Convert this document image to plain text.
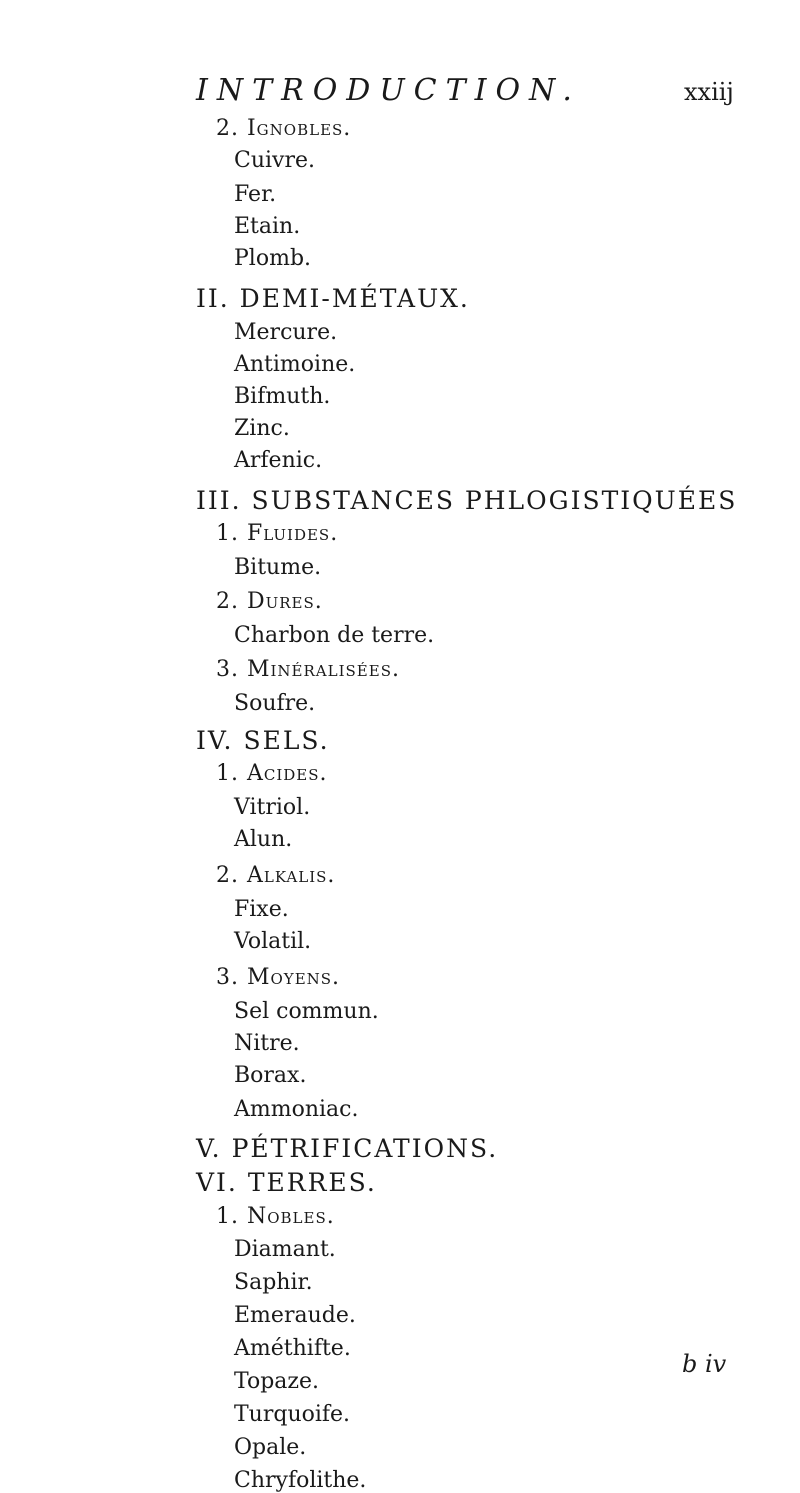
INTRODUCTION.	xxiij
2. Ignobles.
Cuivre.
Fer.
Etain.
Plomb.
II. DEMI-MÉTAUX.
Mercure.
Antimoine.
Bifmuth.
Zinc.
Arfenic.
III. SUBSTANCES PHLOGISTIQUÉES
1. Fluides.
Bitume.
2. Dures.
Charbon de terre.
3. Minéralisées.
Soufre.
IV. SELS.
1. Acides.
Vitriol.
Alun.
2. Alkalis.
Fixe.
Volatil.
3. Moyens.
Sel commun.
Nitre.
Borax.
Ammoniac.
V. PÉTRIFICATIONS.
VI. TERRES.
1. Nobles.
Diamant.
Saphir.
Emeraude.
Améthifte.
Topaze.
Turquoife.
Opale.
Chryfolithe.
b iv
